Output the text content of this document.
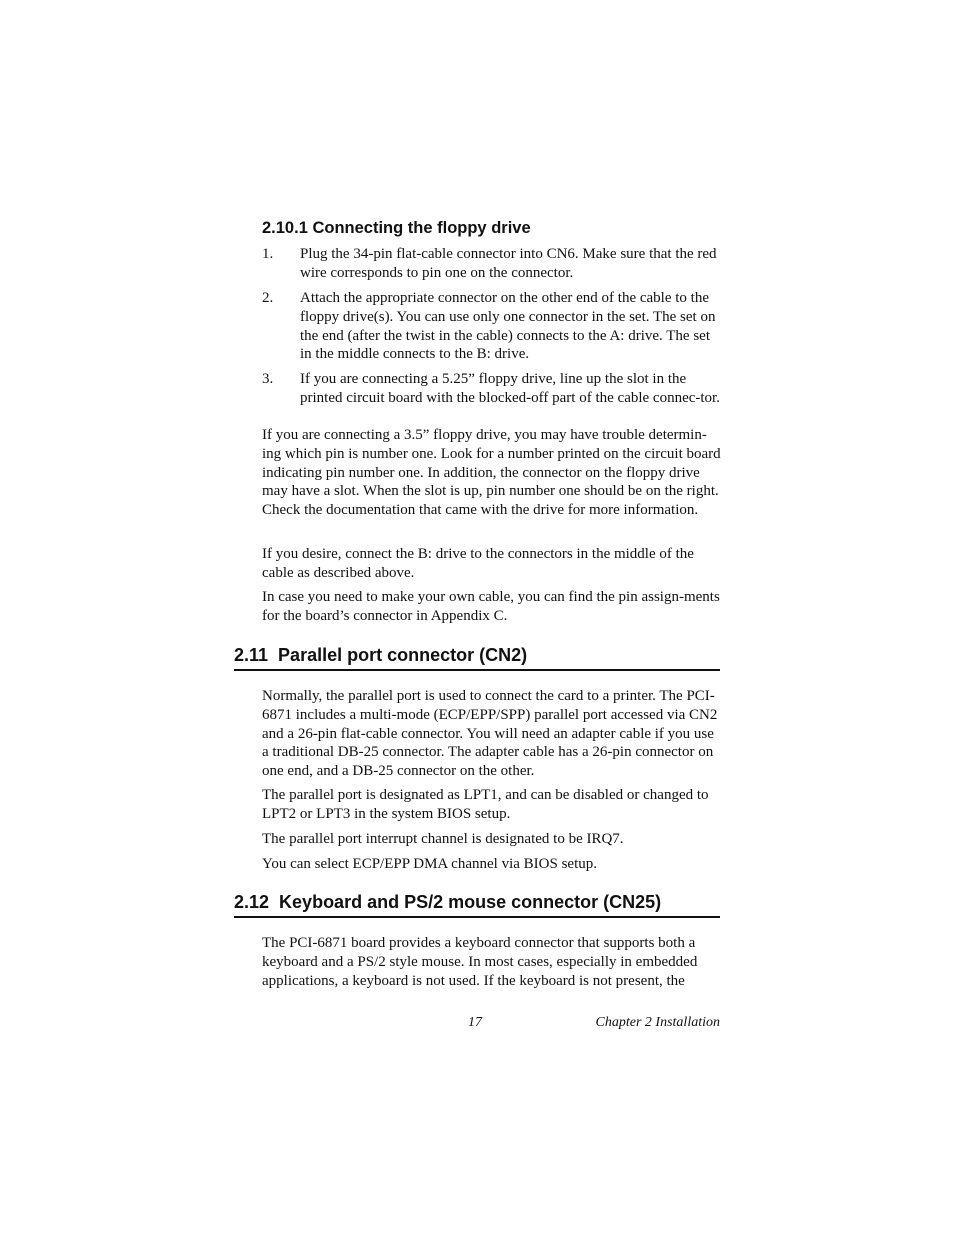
2.10.1 Connecting the floppy drive
1. Plug the 34-pin flat-cable connector into CN6. Make sure that the red wire corresponds to pin one on the connector.
2. Attach the appropriate connector on the other end of the cable to the floppy drive(s). You can use only one connector in the set. The set on the end (after the twist in the cable) connects to the A: drive. The set in the middle connects to the B: drive.
3. If you are connecting a 5.25” floppy drive, line up the slot in the printed circuit board with the blocked-off part of the cable connec-tor.

If you are connecting a 3.5” floppy drive, you may have trouble determin-ing which pin is number one. Look for a number printed on the circuit board indicating pin number one. In addition, the connector on the floppy drive may have a slot. When the slot is up, pin number one should be on the right. Check the documentation that came with the drive for more information.

If you desire, connect the B: drive to the connectors in the middle of the cable as described above.

In case you need to make your own cable, you can find the pin assign-ments for the board’s connector in Appendix C.

2.11 Parallel port connector (CN2)

Normally, the parallel port is used to connect the card to a printer. The PCI-6871 includes a multi-mode (ECP/EPP/SPP) parallel port accessed via CN2 and a 26-pin flat-cable connector. You will need an adapter cable if you use a traditional DB-25 connector. The adapter cable has a 26-pin connector on one end, and a DB-25 connector on the other.

The parallel port is designated as LPT1, and can be disabled or changed to LPT2 or LPT3 in the system BIOS setup.

The parallel port interrupt channel is designated to be IRQ7.

You can select ECP/EPP DMA channel via BIOS setup.

2.12 Keyboard and PS/2 mouse connector (CN25)

The PCI-6871 board provides a keyboard connector that supports both a keyboard and a PS/2 style mouse. In most cases, especially in embedded applications, a keyboard is not used. If the keyboard is not present, the

17	Chapter 2 Installation
